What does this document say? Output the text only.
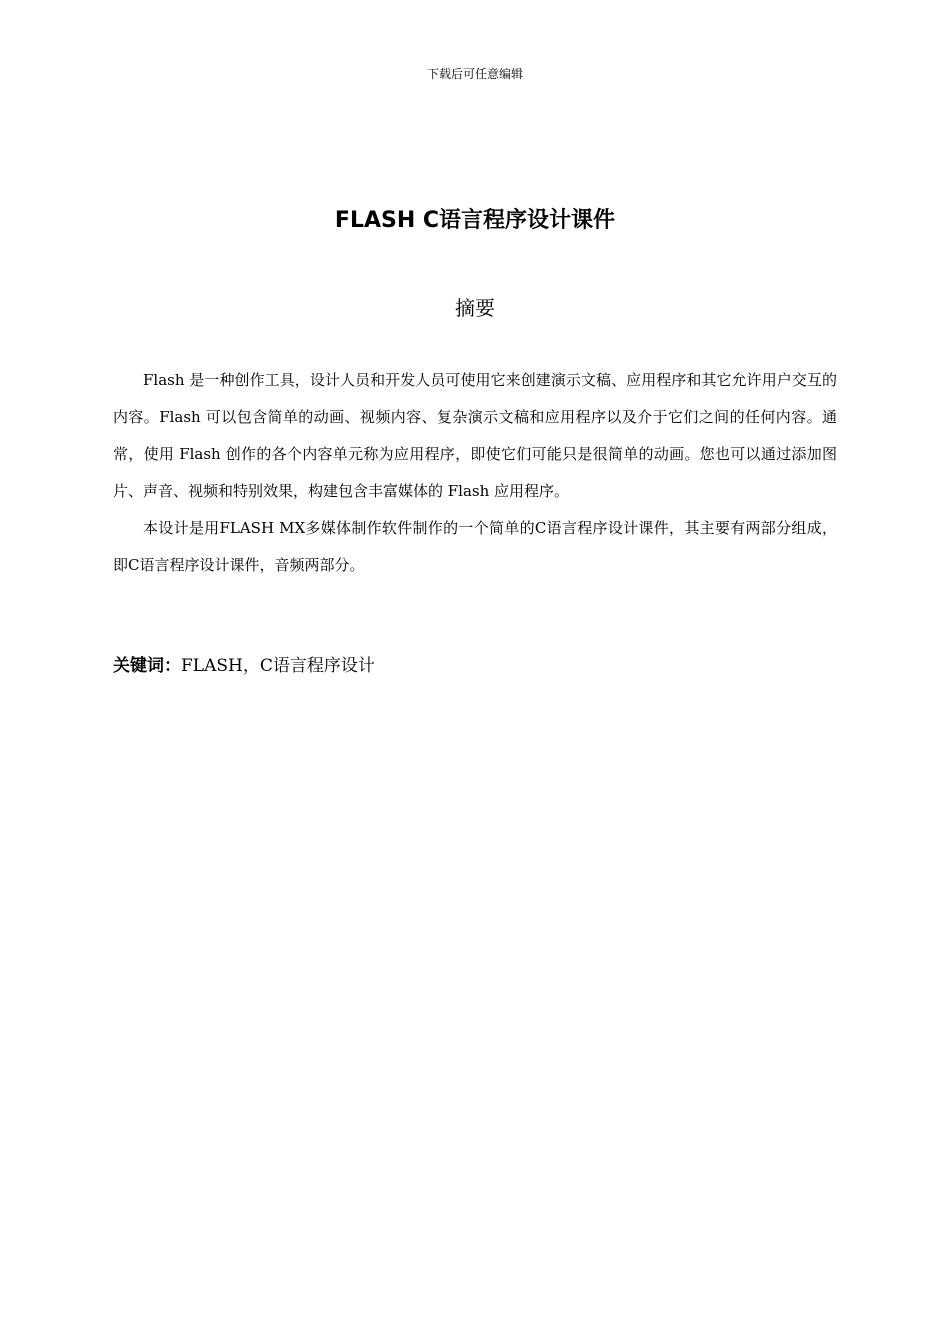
下载后可任意编辑
FLASH C语言程序设计课件
摘要

Flash 是一种创作工具，设计人员和开发人员可使用它来创建演示文稿、应用程序和其它允许用户交互的内容。Flash 可以包含简单的动画、视频内容、复杂演示文稿和应用程序以及介于它们之间的任何内容。通常，使用 Flash 创作的各个内容单元称为应用程序，即使它们可能只是很简单的动画。您也可以通过添加图片、声音、视频和特别效果，构建包含丰富媒体的 Flash 应用程序。

本设计是用FLASH MX多媒体制作软件制作的一个简单的C语言程序设计课件，其主要有两部分组成，即C语言程序设计课件，音频两部分。

关键词：FLASH，C语言程序设计
